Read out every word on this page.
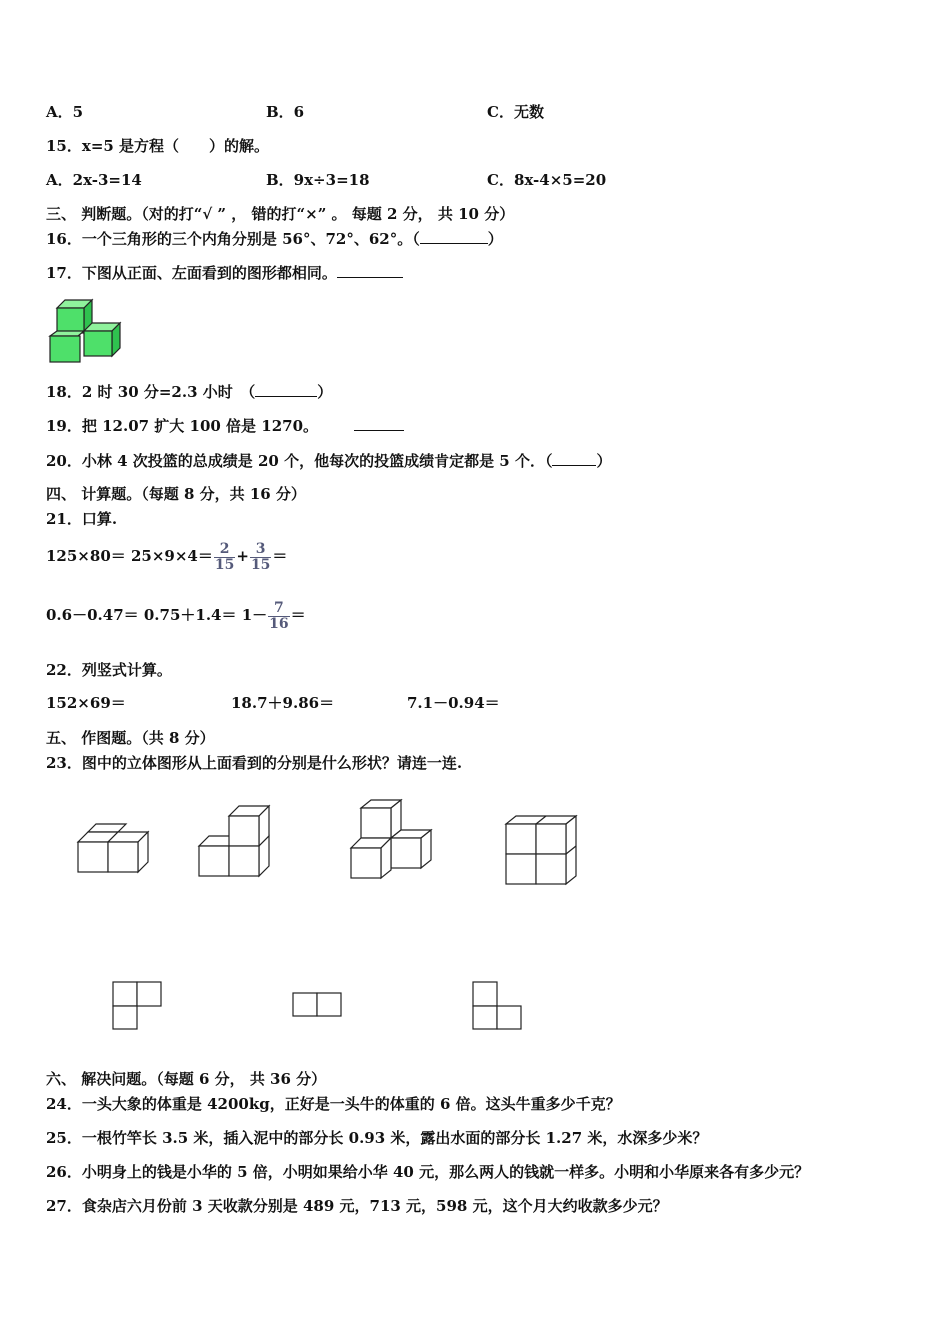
A．5	B．6	C．无数
15．x=5 是方程（　　）的解。
A．2x-3=14	B．9x÷3=18	C．8x-4×5=20
三、 判断题。（对的打“√ ” ， 错的打“×” 。 每题 2 分， 共 10 分）
16．一个三角形的三个内角分别是 56°、72°、62°。（	）
17．下图从正面、左面看到的图形都相同。
18．2 时 30 分=2.3 小时　（	）
19．把 12.07 扩大 100 倍是 1270。
20．小林 4 次投篮的总成绩是 20 个，他每次的投篮成绩肯定都是 5 个．（	）
四、 计算题。（每题 8 分，共 16 分）
21．口算.
$125\times 80= 25\times 9\times 4= \frac{2}{15} + \frac{3}{15}$ ＝
$0.6-0.47= 0.75+1.4= 1- \frac{7}{16}$ ＝
22．列竖式计算。
152×69＝	18.7＋9.86＝	7.1－0.94＝
五、 作图题。（共 8 分）
23．图中的立体图形从上面看到的分别是什么形状？请连一连.
六、 解决问题。（每题 6 分， 共 36 分）
24．一头大象的体重是 4200kg，正好是一头牛的体重的 6 倍。这头牛重多少千克？
25．一根竹竿长 3.5 米，插入泥中的部分长 0.93 米，露出水面的部分长 1.27 米，水深多少米？
26．小明身上的钱是小华的 5 倍，小明如果给小华 40 元，那么两人的钱就一样多。小明和小华原来各有多少元？
27．食杂店六月份前 3 天收款分别是 489 元，713 元，598 元，这个月大约收款多少元？
